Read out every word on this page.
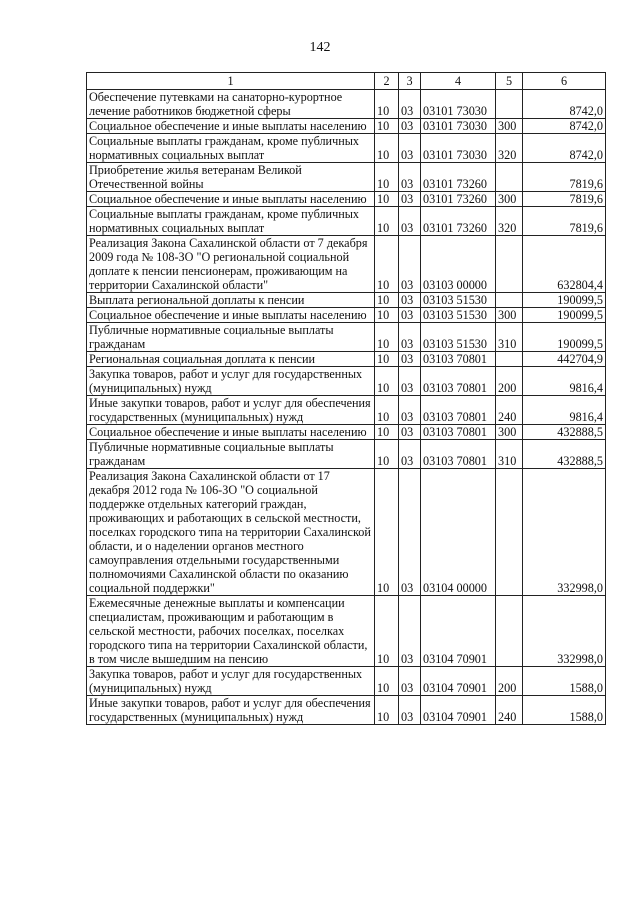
142
1	2	3	4	5	6
Обеспечение путевками на санаторно-курортное лечение работников бюджетной сферы	10	03	03101 73030		8742,0
Социальное обеспечение и иные выплаты населению	10	03	03101 73030	300	8742,0
Социальные выплаты гражданам, кроме публичных нормативных социальных выплат	10	03	03101 73030	320	8742,0
Приобретение жилья ветеранам Великой Отечественной войны	10	03	03101 73260		7819,6
Социальное обеспечение и иные выплаты населению	10	03	03101 73260	300	7819,6
Социальные выплаты гражданам, кроме публичных нормативных социальных выплат	10	03	03101 73260	320	7819,6
Реализация Закона Сахалинской области от 7 декабря 2009 года № 108-ЗО "О региональной социальной доплате к пенсии пенсионерам, проживающим на территории Сахалинской области"	10	03	03103 00000		632804,4
Выплата региональной доплаты к пенсии	10	03	03103 51530		190099,5
Социальное обеспечение и иные выплаты населению	10	03	03103 51530	300	190099,5
Публичные нормативные социальные выплаты гражданам	10	03	03103 51530	310	190099,5
Региональная социальная доплата к пенсии	10	03	03103 70801		442704,9
Закупка товаров, работ и услуг для государственных (муниципальных) нужд	10	03	03103 70801	200	9816,4
Иные закупки товаров, работ и услуг для обеспечения государственных (муниципальных) нужд	10	03	03103 70801	240	9816,4
Социальное обеспечение и иные выплаты населению	10	03	03103 70801	300	432888,5
Публичные нормативные социальные выплаты гражданам	10	03	03103 70801	310	432888,5
Реализация Закона Сахалинской области от 17 декабря 2012 года № 106-ЗО "О социальной поддержке отдельных категорий граждан, проживающих и работающих в сельской местности, поселках городского типа на территории Сахалинской области, и о наделении органов местного самоуправления отдельными государственными полномочиями Сахалинской области по оказанию социальной поддержки"	10	03	03104 00000		332998,0
Ежемесячные денежные выплаты и компенсации специалистам, проживающим и работающим в сельской местности, рабочих поселках, поселках городского типа на территории Сахалинской области, в том числе вышедшим на пенсию	10	03	03104 70901		332998,0
Закупка товаров, работ и услуг для государственных (муниципальных) нужд	10	03	03104 70901	200	1588,0
Иные закупки товаров, работ и услуг для обеспечения государственных (муниципальных) нужд	10	03	03104 70901	240	1588,0
